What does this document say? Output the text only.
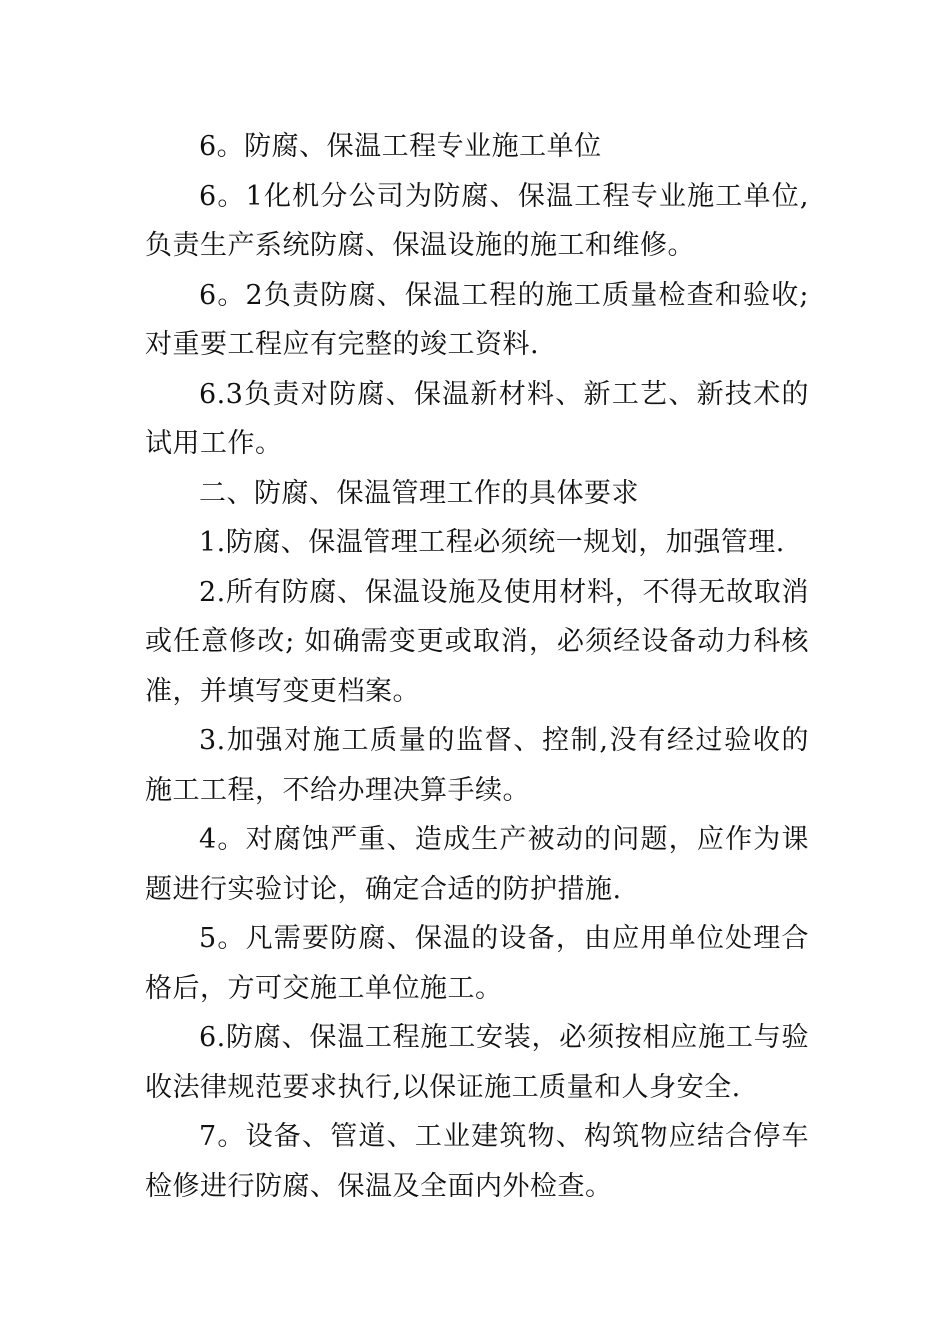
6。防腐、保温工程专业施工单位

6。1化机分公司为防腐、保温工程专业施工单位,负责生产系统防腐、保温设施的施工和维修。

6。2负责防腐、保温工程的施工质量检查和验收; 对重要工程应有完整的竣工资料.

6.3负责对防腐、保温新材料、新工艺、新技术的试用工作。

二、防腐、保温管理工作的具体要求

1.防腐、保温管理工程必须统一规划，加强管理.

2.所有防腐、保温设施及使用材料，不得无故取消或任意修改; 如确需变更或取消，必须经设备动力科核准，并填写变更档案。

3.加强对施工质量的监督、控制,没有经过验收的施工工程，不给办理决算手续。

4。对腐蚀严重、造成生产被动的问题，应作为课题进行实验讨论，确定合适的防护措施.

5。凡需要防腐、保温的设备，由应用单位处理合格后，方可交施工单位施工。

6.防腐、保温工程施工安装，必须按相应施工与验收法律规范要求执行,以保证施工质量和人身安全.

7。设备、管道、工业建筑物、构筑物应结合停车检修进行防腐、保温及全面内外检查。
